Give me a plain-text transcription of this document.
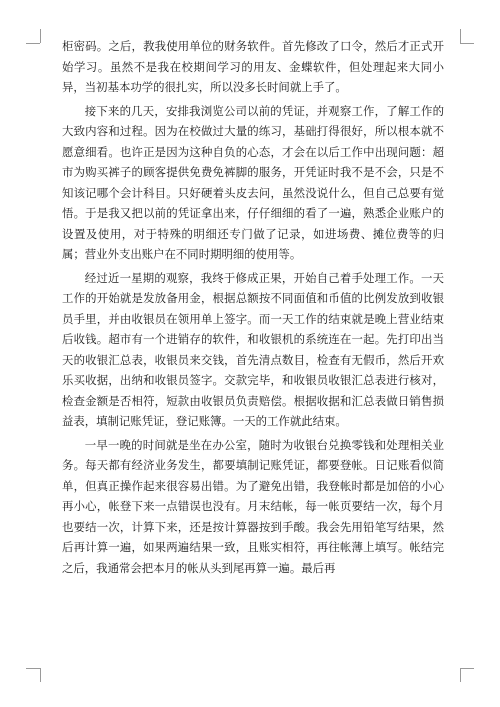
柜密码。之后，教我使用单位的财务软件。首先修改了口令，然后才正式开始学习。虽然不是我在校期间学习的用友、金蝶软件，但处理起来大同小异，当初基本功学的很扎实，所以没多长时间就上手了。

接下来的几天，安排我浏览公司以前的凭证，并观察工作，了解工作的大致内容和过程。因为在校做过大量的练习，基础打得很好，所以根本就不愿意细看。也许正是因为这种自负的心态，才会在以后工作中出现问题：超市为购买裤子的顾客提供免费免裤脚的服务，开凭证时我不是不会，只是不知该记哪个会计科目。只好硬着头皮去问，虽然没说什么，但自己总要有觉悟。于是我又把以前的凭证拿出来，仔仔细细的看了一遍，熟悉企业账户的设置及使用，对于特殊的明细还专门做了记录，如进场费、摊位费等的归属；营业外支出账户在不同时期明细的使用等。

经过近一星期的观察，我终于修成正果，开始自己着手处理工作。一天工作的开始就是发放备用金，根据总额按不同面值和币值的比例发放到收银员手里，并由收银员在领用单上签字。而一天工作的结束就是晚上营业结束后收钱。超市有一个进销存的软件，和收银机的系统连在一起。先打印出当天的收银汇总表，收银员来交钱，首先清点数目，检查有无假币，然后开欢乐买收据，出纳和收银员签字。交款完毕，和收银员收银汇总表进行核对，检查金额是否相符，短款由收银员负责赔偿。根据收据和汇总表做日销售损益表，填制记账凭证，登记账簿。一天的工作就此结束。

一早一晚的时间就是坐在办公室，随时为收银台兑换零钱和处理相关业务。每天都有经济业务发生，都要填制记账凭证，都要登帐。日记账看似简单，但真正操作起来很容易出错。为了避免出错，我登帐时都是加倍的小心再小心，帐登下来一点错误也没有。月末结帐，每一帐页要结一次，每个月也要结一次，计算下来，还是按计算器按到手酸。我会先用铅笔写结果，然后再计算一遍，如果两遍结果一致，且账实相符，再往帐薄上填写。帐结完之后，我通常会把本月的帐从头到尾再算一遍。最后再
